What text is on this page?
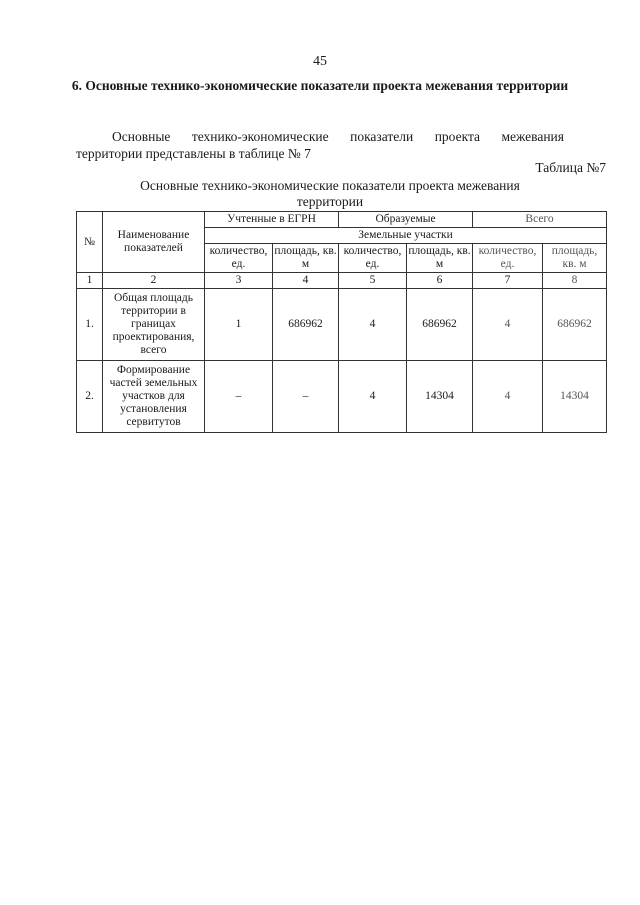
45
6. Основные технико-экономические показатели проекта межевания территории
Основные технико-экономические показатели проекта межевания
территории представлены в таблице № 7
Таблица №7
Основные технико-экономические показатели проекта межевания территории
№	Наименование показателей	Учтенные в ЕГРН		Образуемые		Всего	
		Земельные участки					
		количество, ед.	площадь, кв. м	количество, ед.	площадь, кв. м	количество, ед.	площадь, кв. м
1	2	3	4	5	6	7	8
1.	Общая площадь территории в границах проектирования, всего	1	686962	4	686962	4	686962
2.	Формирование частей земельных участков для установления сервитутов	–	–	4	14304	4	14304
